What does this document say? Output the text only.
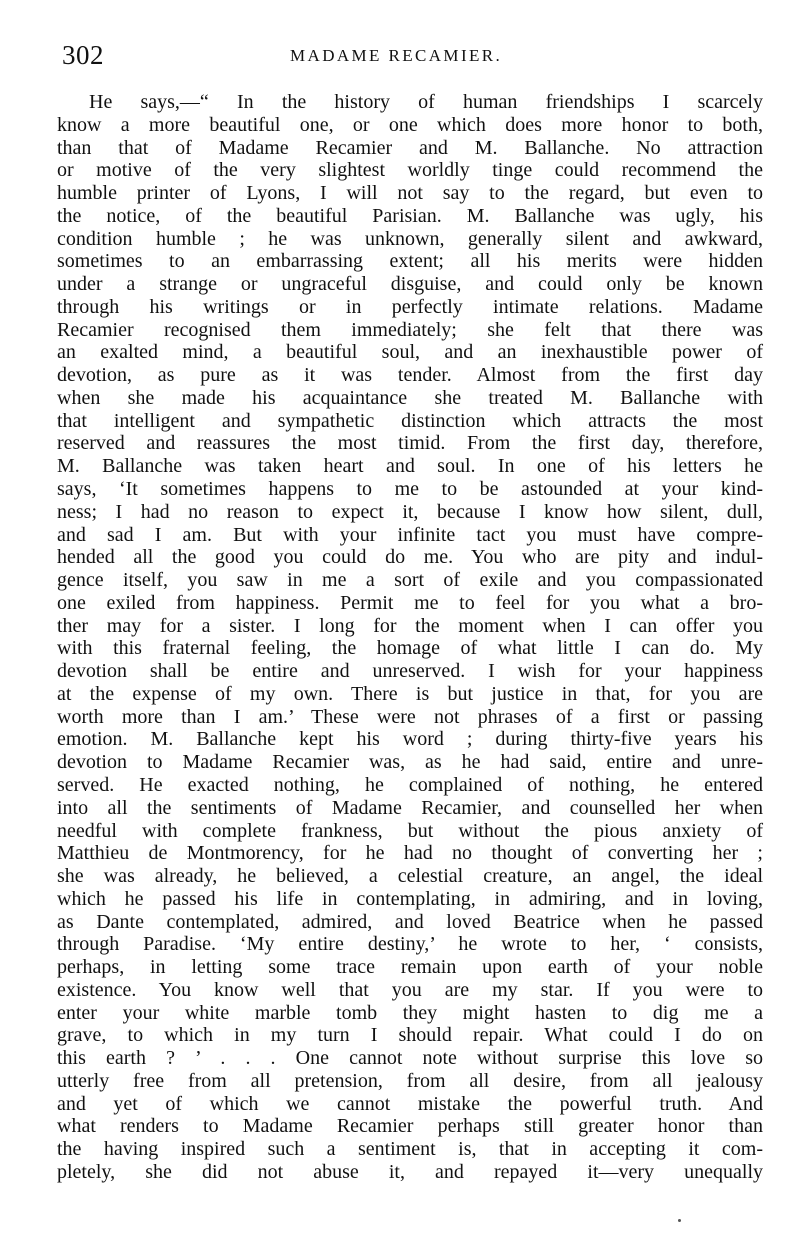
302	MADAME RECAMIER.
He says,—“ In the history of human friendships I scarcely
know a more beautiful one, or one which does more honor to both,
than that of Madame Recamier and M. Ballanche. No attraction
or motive of the very slightest worldly tinge could recommend the
humble printer of Lyons, I will not say to the regard, but even to
the notice, of the beautiful Parisian. M. Ballanche was ugly, his
condition humble ; he was unknown, generally silent and awkward,
sometimes to an embarrassing extent; all his merits were hidden
under a strange or ungraceful disguise, and could only be known
through his writings or in perfectly intimate relations. Madame
Recamier recognised them immediately; she felt that there was
an exalted mind, a beautiful soul, and an inexhaustible power of
devotion, as pure as it was tender. Almost from the first day
when she made his acquaintance she treated M. Ballanche with
that intelligent and sympathetic distinction which attracts the most
reserved and reassures the most timid. From the first day, therefore,
M. Ballanche was taken heart and soul. In one of his letters he
says, ‘It sometimes happens to me to be astounded at your kind-
ness; I had no reason to expect it, because I know how silent, dull,
and sad I am. But with your infinite tact you must have compre-
hended all the good you could do me. You who are pity and indul-
gence itself, you saw in me a sort of exile and you compassionated
one exiled from happiness. Permit me to feel for you what a bro-
ther may for a sister. I long for the moment when I can offer you
with this fraternal feeling, the homage of what little I can do. My
devotion shall be entire and unreserved. I wish for your happiness
at the expense of my own. There is but justice in that, for you are
worth more than I am.’ These were not phrases of a first or passing
emotion. M. Ballanche kept his word ; during thirty-five years his
devotion to Madame Recamier was, as he had said, entire and unre-
served. He exacted nothing, he complained of nothing, he entered
into all the sentiments of Madame Recamier, and counselled her when
needful with complete frankness, but without the pious anxiety of
Matthieu de Montmorency, for he had no thought of converting her ;
she was already, he believed, a celestial creature, an angel, the ideal
which he passed his life in contemplating, in admiring, and in loving,
as Dante contemplated, admired, and loved Beatrice when he passed
through Paradise. ‘My entire destiny,’ he wrote to her, ‘ consists,
perhaps, in letting some trace remain upon earth of your noble
existence. You know well that you are my star. If you were to
enter your white marble tomb they might hasten to dig me a
grave, to which in my turn I should repair. What could I do on
this earth ? ’ . . . One cannot note without surprise this love so
utterly free from all pretension, from all desire, from all jealousy
and yet of which we cannot mistake the powerful truth. And
what renders to Madame Recamier perhaps still greater honor than
the having inspired such a sentiment is, that in accepting it com-
pletely, she did not abuse it, and repayed it—very unequally
